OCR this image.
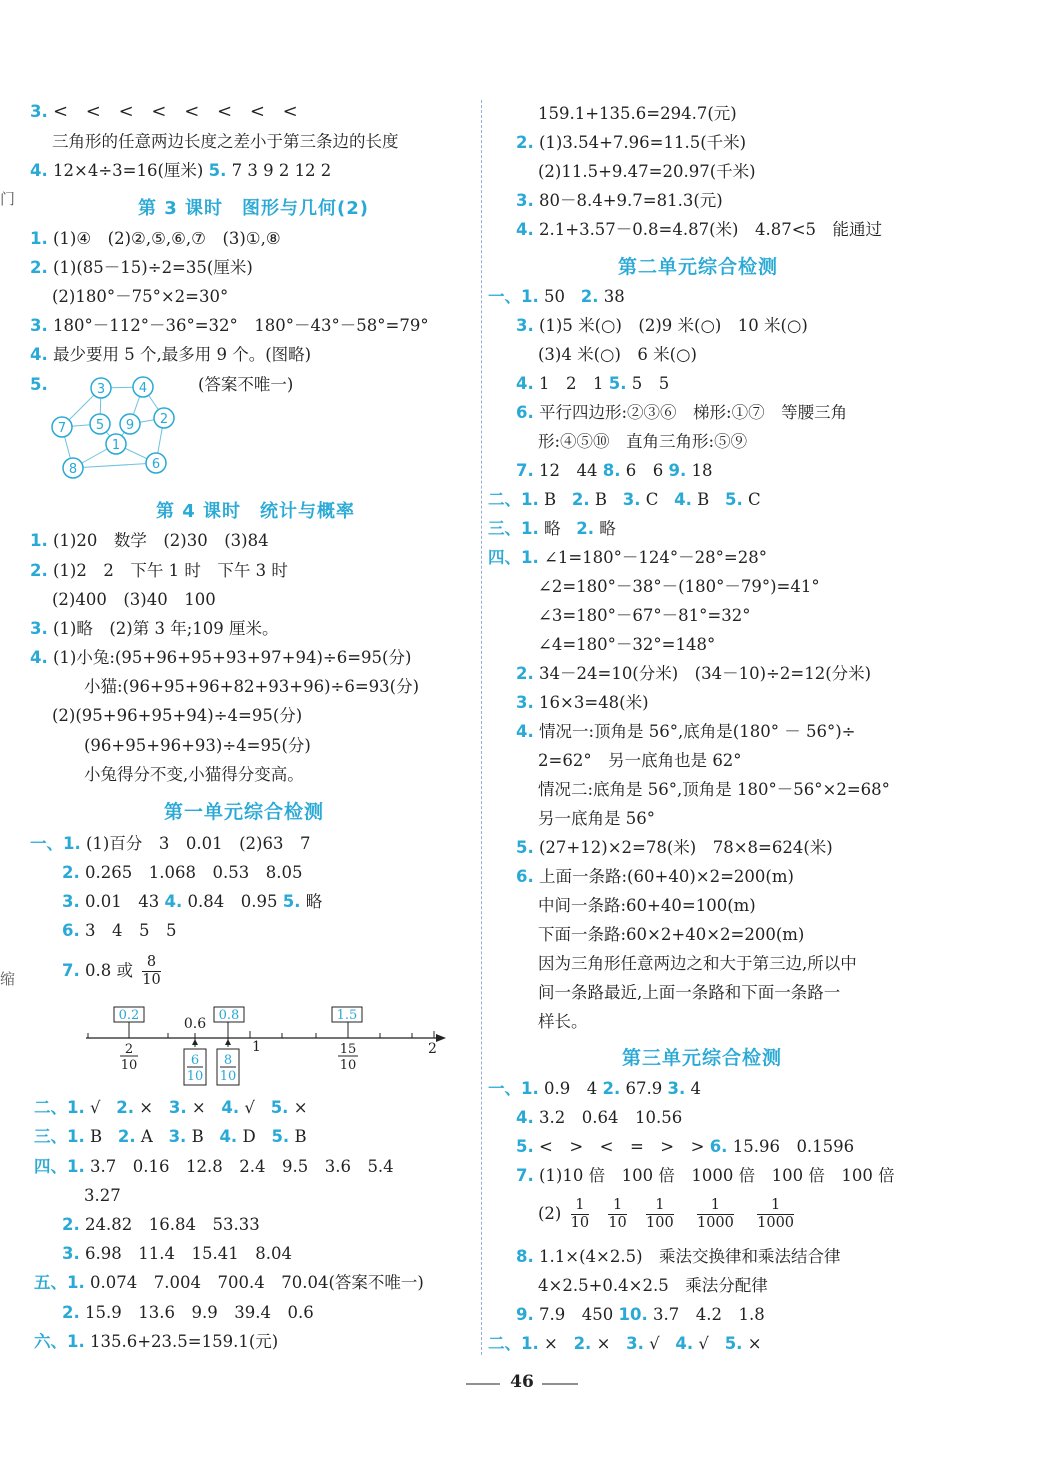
门
缩
3. < < < < < < < <
三角形的任意两边长度之差小于第三条边的长度
4. 12×4÷3=16(厘米) 5. 7 3 9 2 12 2
第 3 课时　图形与几何(2)
1. (1)④　(2)②,⑤,⑥,⑦　(3)①,⑧
2. (1)(85－15)÷2=35(厘米)
(2)180°－75°×2=30°
3. 180°－112°－36°=32°　180°－43°－58°=79°
4. 最少要用 5 个,最多用 9 个。(图略)
5.	(答案不唯一)
3	4
5 9 2
7
1
8	6
第 4 课时　统计与概率
1. (1)20　数学　(2)30　(3)84
2. (1)2　2　下午 1 时　下午 3 时
(2)400　(3)40　100
3. (1)略　(2)第 3 年;109 厘米。
4. (1)小兔:(95+96+95+93+97+94)÷6=95(分)
小猫:(96+95+96+82+93+96)÷6=93(分)
(2)(95+96+95+94)÷4=95(分)
(96+95+96+93)÷4=95(分)
小兔得分不变,小猫得分变高。
第一单元综合检测
一、1. (1)百分　3　0.01　(2)63　7
2. 0.265　1.068　0.53　8.05
3. 0.01　43 4. 0.84　0.95 5. 略
6. 3　4　5　5
7. 0.8 或 $\frac{8}{10}$
0.2
0.6
0.8	1.5
1	2
2
10	6
10
8
10
15
10
二、1. √ 2. × 3. × 4. √ 5. ×
三、1. B 2. A 3. B 4. D 5. B
四、1. 3.7　0.16　12.8　2.4　9.5　3.6　5.4
3.27
2. 24.82　16.84　53.33
3. 6.98　11.4　15.41　8.04
五、1. 0.074　7.004　700.4　70.04(答案不唯一)
2. 15.9　13.6　9.9　39.4　0.6
六、1. 135.6+23.5=159.1(元)
159.1+135.6=294.7(元)
2. (1)3.54+7.96=11.5(千米)
(2)11.5+9.47=20.97(千米)
3. 80－8.4+9.7=81.3(元)
4. 2.1+3.57－0.8=4.87(米)　4.87<5　能通过
第二单元综合检测
一、1. 50 2. 38
3. (1)5 米(○)　(2)9 米(○)　10 米(○)
(3)4 米(○)　6 米(○)
4. 1　2　1 5. 5　5
6. 平行四边形:②③⑥　梯形:①⑦　等腰三角
形:④⑤⑩　直角三角形:⑤⑨
7. 12　44 8. 6　6 9. 18
二、1. B 2. B 3. C 4. B 5. C
三、1. 略 2. 略
四、1. ∠1=180°－124°－28°=28°
∠2=180°－38°－(180°－79°)=41°
∠3=180°－67°－81°=32°
∠4=180°－32°=148°
2. 34－24=10(分米)　(34－10)÷2=12(分米)
3. 16×3=48(米)
4. 情况一:顶角是 56°,底角是(180° － 56°)÷
2=62°　另一底角也是 62°
情况二:底角是 56°,顶角是 180°－56°×2=68°
另一底角是 56°
5. (27+12)×2=78(米)　78×8=624(米)
6. 上面一条路:(60+40)×2=200(m)
中间一条路:60+40=100(m)
下面一条路:60×2+40×2=200(m)
因为三角形任意两边之和大于第三边,所以中
间一条路最近,上面一条路和下面一条路一
样长。
第三单元综合检测
一、1. 0.9　4 2. 67.9 3. 4
4. 3.2　0.64　10.56
5. <　>　<　=　>　> 6. 15.96　0.1596
7. (1)10 倍　100 倍　1000 倍　100 倍　100 倍
$(2) \frac{1}{10}$
$\frac{1}{10}$
$\frac{1}{100}$
$\frac{1}{1000}$
$\frac{1}{1000}$
8. 1.1×(4×2.5)　乘法交换律和乘法结合律
4×2.5+0.4×2.5　乘法分配律
9. 7.9　450 10. 3.7　4.2　1.8
二、1. × 2. × 3. √ 4. √ 5. ×
46
